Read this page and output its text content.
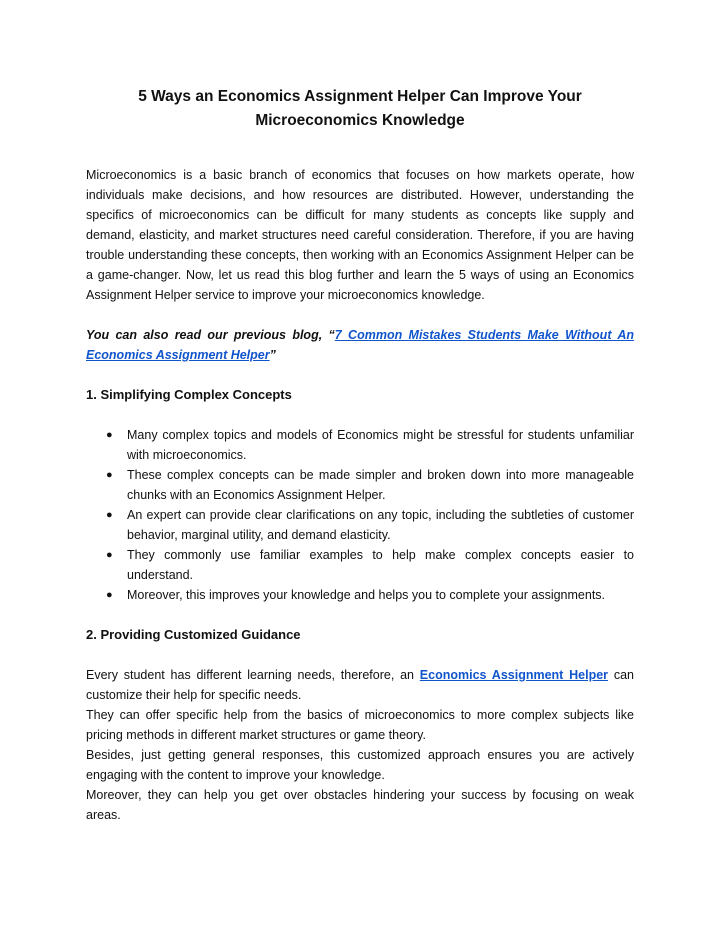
5 Ways an Economics Assignment Helper Can Improve Your
Microeconomics Knowledge

Microeconomics is a basic branch of economics that focuses on how markets operate, how individuals make decisions, and how resources are distributed. However, understanding the specifics of microeconomics can be difficult for many students as concepts like supply and demand, elasticity, and market structures need careful consideration. Therefore, if you are having trouble understanding these concepts, then working with an Economics Assignment Helper can be a game-changer. Now, let us read this blog further and learn the 5 ways of using an Economics Assignment Helper service to improve your microeconomics knowledge.

You can also read our previous blog, “7 Common Mistakes Students Make Without An Economics Assignment Helper”

1. Simplifying Complex Concepts
● Many complex topics and models of Economics might be stressful for students unfamiliar with microeconomics.
● These complex concepts can be made simpler and broken down into more manageable chunks with an Economics Assignment Helper.
● An expert can provide clear clarifications on any topic, including the subtleties of customer behavior, marginal utility, and demand elasticity.
● They commonly use familiar examples to help make complex concepts easier to understand.
● Moreover, this improves your knowledge and helps you to complete your assignments.
2. Providing Customized Guidance

Every student has different learning needs, therefore, an Economics Assignment Helper can customize their help for specific needs.

They can offer specific help from the basics of microeconomics to more complex subjects like pricing methods in different market structures or game theory.

Besides, just getting general responses, this customized approach ensures you are actively engaging with the content to improve your knowledge.

Moreover, they can help you get over obstacles hindering your success by focusing on weak areas.
